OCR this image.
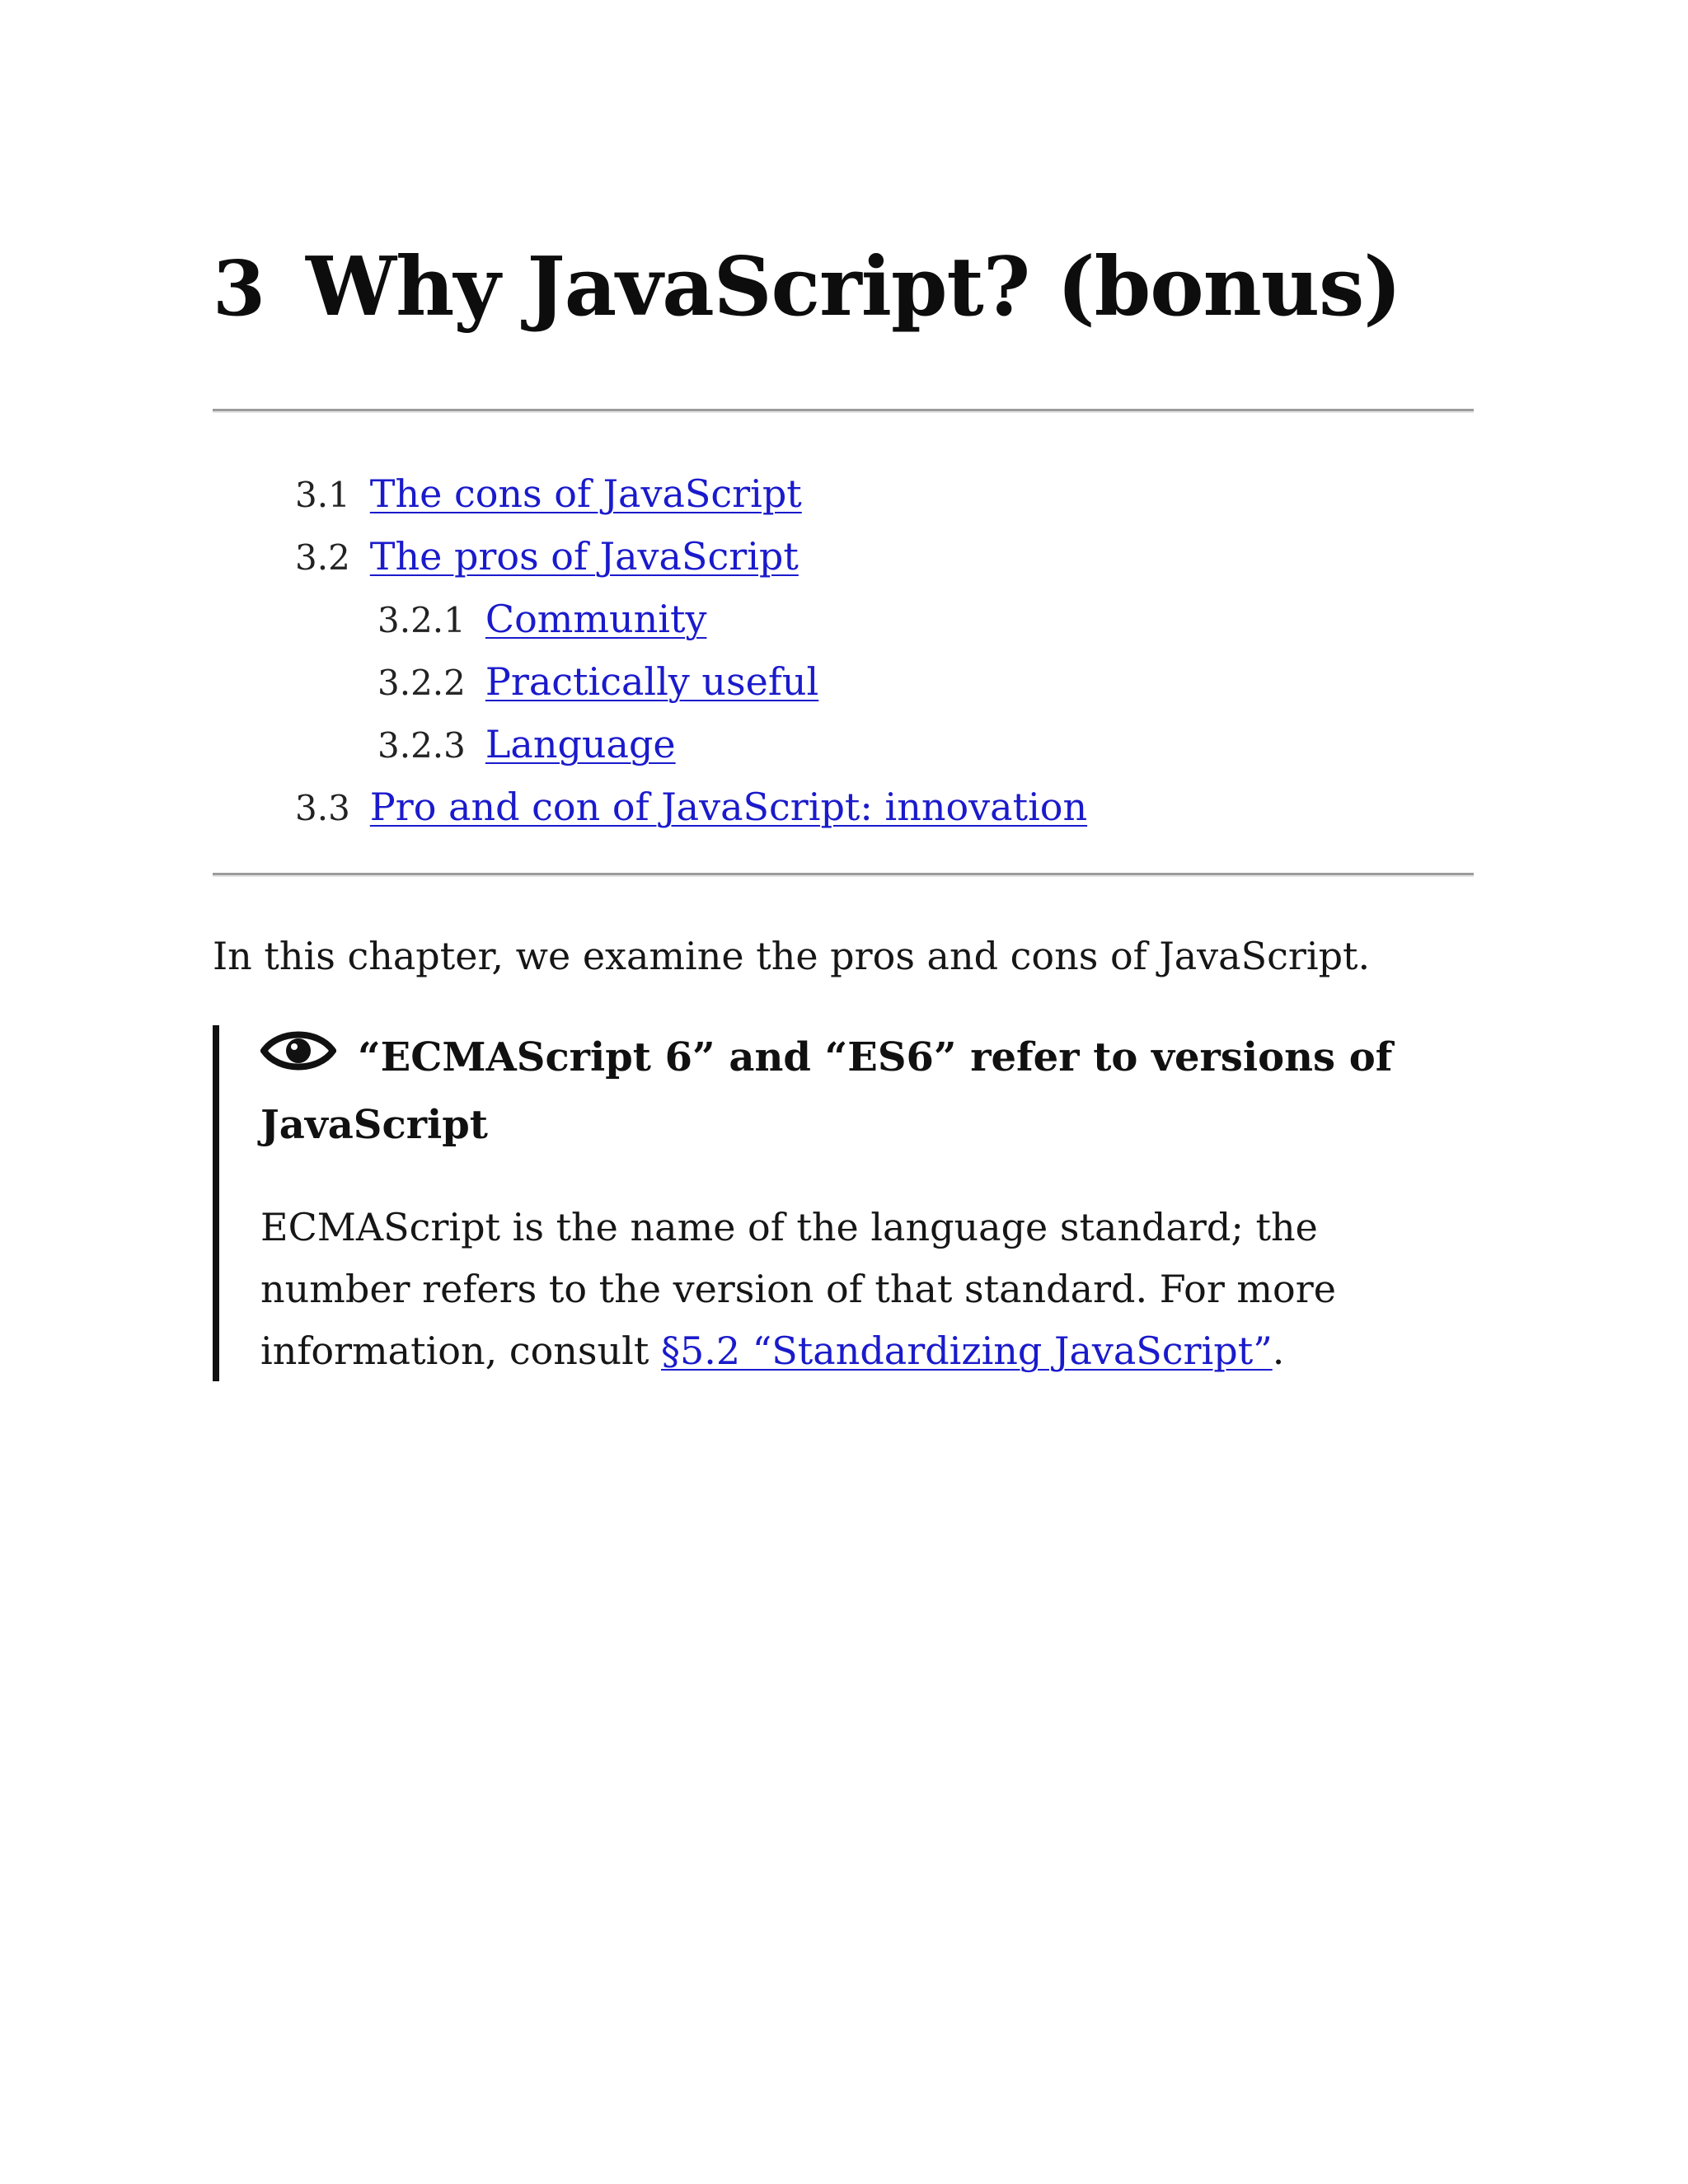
3 Why JavaScript? (bonus)
3.1 The cons of JavaScript
3.2 The pros of JavaScript
3.2.1 Community
3.2.2 Practically useful
3.2.3 Language
3.3 Pro and con of JavaScript: innovation

In this chapter, we examine the pros and cons of JavaScript.

“ECMAScript 6” and “ES6” refer to versions of JavaScript

ECMAScript is the name of the language standard; the number refers to the version of that standard. For more information, consult §5.2 “Standardizing JavaScript”.
